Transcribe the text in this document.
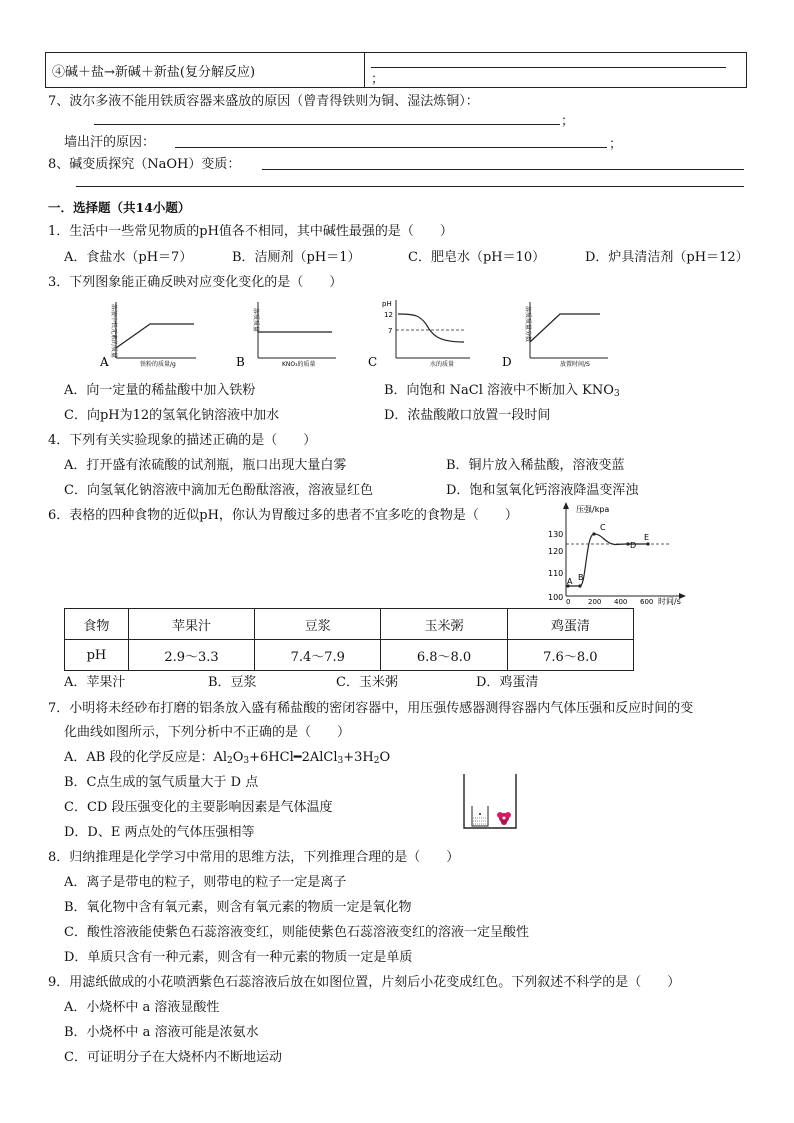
④碱＋盐→新碱＋新盐(复分解反应)	；
7、波尔多液不能用铁质容器来盛放的原因（曾青得铁则为铜、湿法炼铜）：
；
墙出汗的原因：	；
8、碱变质探究（NaOH）变质：
一．选择题（共14小题）
1．生活中一些常见物质的pH值各不相同，其中碱性最强的是（　　）
A．食盐水（pH＝7）	B．洁厕剂（pH＝1）	C．肥皂水（pH＝10）	D．炉具清洁剂（pH＝12）
3．下列图象能正确反映对应变化变化的是（　　）
A	铁粉的质量/g
溶液中铁元素的质量
B	KNO₃的质量
溶质质量
pH
12
7
C	水的质量	D	放置时间/S
溶质质量分数
A．向一定量的稀盐酸中加入铁粉	B．向饱和 NaCl 溶液中不断加入 $KNO_3$
C．向pH为12的氢氧化钠溶液中加水	D．浓盐酸敞口放置一段时间
4．下列有关实验现象的描述正确的是（　　）
A．打开盛有浓硫酸的试剂瓶，瓶口出现大量白雾	B．铜片放入稀盐酸，溶液变蓝
C．向氢氧化钠溶液中滴加无色酚酞溶液，溶液显红色	D．饱和氢氧化钙溶液降温变浑浊
6．表格的四种食物的近似pH，你认为胃酸过多的患者不宜多吃的食物是（　　）	压强/kpa
时间/s
130
120
110
100 0	200 400 600
A B
C
D
E
食物	苹果汁	豆浆	玉米粥	鸡蛋清
pH	2.9～3.3	7.4～7.9	6.8～8.0	7.6～8.0
A．苹果汁	B．豆浆	C．玉米粥	D．鸡蛋清
7．小明将未经砂布打磨的铝条放入盛有稀盐酸的密闭容器中，用压强传感器测得容器内气体压强和反应时间的变
化曲线如图所示，下列分析中不正确的是（　　）
A．AB 段的化学反应是：$Al_2O_3+6HCl━2AlCl_3+3H_2O$
B．C点生成的氢气质量大于 D 点
C．CD 段压强变化的主要影响因素是气体温度
D．D、E 两点处的气体压强相等
8．归纳推理是化学学习中常用的思维方法，下列推理合理的是（　　）
A．离子是带电的粒子，则带电的粒子一定是离子
B．氧化物中含有氧元素，则含有氧元素的物质一定是氧化物
C．酸性溶液能使紫色石蕊溶液变红，则能使紫色石蕊溶液变红的溶液一定呈酸性
D．单质只含有一种元素，则含有一种元素的物质一定是单质
9．用滤纸做成的小花喷洒紫色石蕊溶液后放在如图位置，片刻后小花变成红色。下列叙述不科学的是（　　）
A．小烧杯中 a 溶液显酸性
B．小烧杯中 a 溶液可能是浓氨水
C．可证明分子在大烧杯内不断地运动
